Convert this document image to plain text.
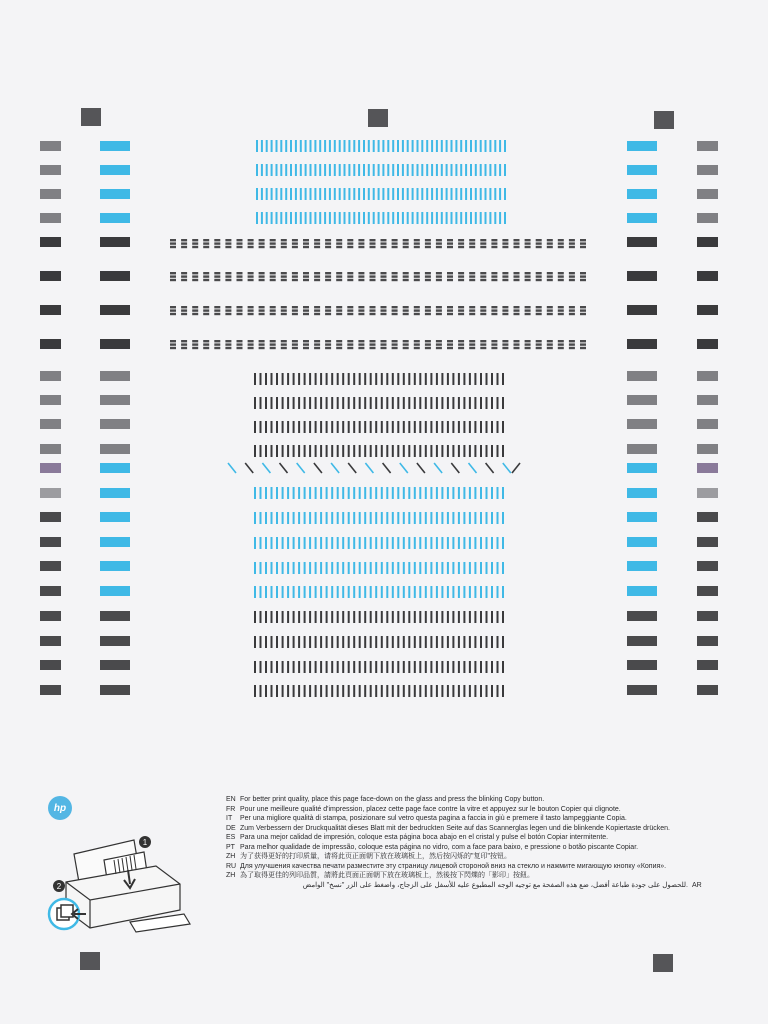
hp
1
2
EN For better print quality, place this page face-down on the glass and press the blinking Copy button.
FR Pour une meilleure qualité d'impression, placez cette page face contre la vitre et appuyez sur le bouton Copier qui clignote.
IT	Per una migliore qualità di stampa, posizionare sul vetro questa pagina a faccia in giù e premere il tasto lampeggiante Copia.
DE Zum Verbessern der Druckqualität dieses Blatt mit der bedruckten Seite auf das Scannerglas legen und die blinkende Kopiertaste drücken.
ES Para una mejor calidad de impresión, coloque esta página boca abajo en el cristal y pulse el botón Copiar intermitente.
PT Para melhor qualidade de impressão, coloque esta página no vidro, com a face para baixo, e pressione o botão piscante Copiar.
ZH 为了获得更好的打印质量，请将此页正面朝下放在玻璃板上，然后按闪烁的"复印"按钮。
RU Для улучшения качества печати разместите эту страницу лицевой стороной вниз на стекло и нажмите мигающую кнопку «Копия».
ZH 為了取得更佳的列印品質，請將此頁面正面朝下放在玻璃板上，然後按下閃爍的「影印」按鈕。
للحصول على جودة طباعة أفضل، ضع هذه الصفحة مع توجيه الوجه المطبوع عليه للأسفل على الزجاج، واضغط على الزر "نسخ" الوامض. AR
